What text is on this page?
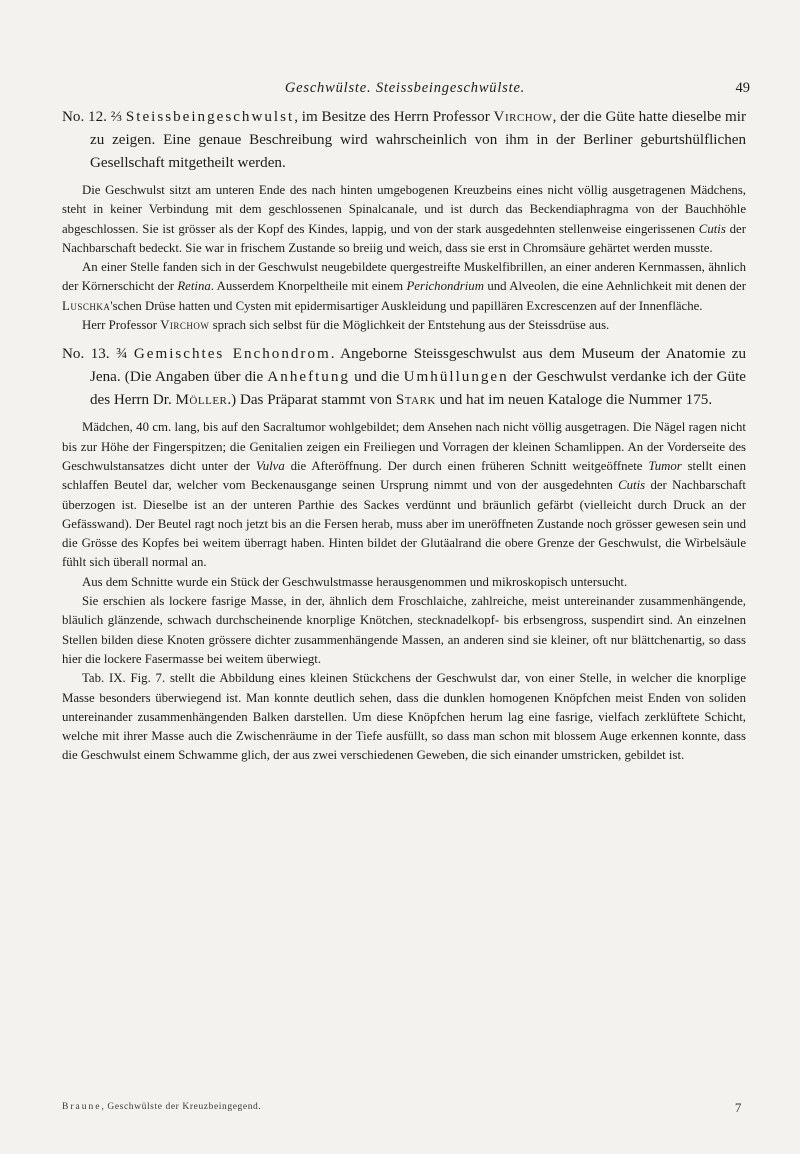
Geschwülste. Steissbeingeschwülste.	49

No. 12. ⅔ Steissbeingeschwulst, im Besitze des Herrn Professor Virchow, der die Güte hatte dieselbe mir zu zeigen. Eine genaue Beschreibung wird wahrscheinlich von ihm in der Berliner geburtshülflichen Gesellschaft mitgetheilt werden.

Die Geschwulst sitzt am unteren Ende des nach hinten umgebogenen Kreuzbeins eines nicht völlig ausgetragenen Mädchens, steht in keiner Verbindung mit dem geschlossenen Spinalcanale, und ist durch das Beckendiaphragma von der Bauchhöhle abgeschlossen. Sie ist grösser als der Kopf des Kindes, lappig, und von der stark ausgedehnten stellenweise eingerissenen Cutis der Nachbarschaft bedeckt. Sie war in frischem Zustande so breiig und weich, dass sie erst in Chromsäure gehärtet werden musste.

An einer Stelle fanden sich in der Geschwulst neugebildete quergestreifte Muskelfibrillen, an einer anderen Kernmassen, ähnlich der Körnerschicht der Retina. Ausserdem Knorpeltheile mit einem Perichondrium und Alveolen, die eine Aehnlichkeit mit denen der Luschka'schen Drüse hatten und Cysten mit epidermisartiger Auskleidung und papillären Excrescenzen auf der Innenfläche.

Herr Professor Virchow sprach sich selbst für die Möglichkeit der Entstehung aus der Steissdrüse aus.

No. 13. ¾ Gemischtes Enchondrom. Angeborne Steissgeschwulst aus dem Museum der Anatomie zu Jena. (Die Angaben über die Anheftung und die Umhüllungen der Geschwulst verdanke ich der Güte des Herrn Dr. Möller.) Das Präparat stammt von Stark und hat im neuen Kataloge die Nummer 175.

Mädchen, 40 cm. lang, bis auf den Sacraltumor wohlgebildet; dem Ansehen nach nicht völlig ausgetragen. Die Nägel ragen nicht bis zur Höhe der Fingerspitzen; die Genitalien zeigen ein Freiliegen und Vorragen der kleinen Schamlippen. An der Vorderseite des Geschwulstansatzes dicht unter der Vulva die Afteröffnung. Der durch einen früheren Schnitt weitgeöffnete Tumor stellt einen schlaffen Beutel dar, welcher vom Beckenausgange seinen Ursprung nimmt und von der ausgedehnten Cutis der Nachbarschaft überzogen ist. Dieselbe ist an der unteren Parthie des Sackes verdünnt und bräunlich gefärbt (vielleicht durch Druck an der Gefässwand). Der Beutel ragt noch jetzt bis an die Fersen herab, muss aber im uneröffneten Zustande noch grösser gewesen sein und die Grösse des Kopfes bei weitem überragt haben. Hinten bildet der Glutäalrand die obere Grenze der Geschwulst, die Wirbelsäule fühlt sich überall normal an.

Aus dem Schnitte wurde ein Stück der Geschwulstmasse herausgenommen und mikroskopisch untersucht.

Sie erschien als lockere fasrige Masse, in der, ähnlich dem Froschlaiche, zahlreiche, meist untereinander zusammenhängende, bläulich glänzende, schwach durchscheinende knorplige Knötchen, stecknadelkopf- bis erbsengross, suspendirt sind. An einzelnen Stellen bilden diese Knoten grössere dichter zusammenhängende Massen, an anderen sind sie kleiner, oft nur blättchenartig, so dass hier die lockere Fasermasse bei weitem überwiegt.

Tab. IX. Fig. 7. stellt die Abbildung eines kleinen Stückchens der Geschwulst dar, von einer Stelle, in welcher die knorplige Masse besonders überwiegend ist. Man konnte deutlich sehen, dass die dunklen homogenen Knöpfchen meist Enden von soliden untereinander zusammenhängenden Balken darstellen. Um diese Knöpfchen herum lag eine fasrige, vielfach zerklüftete Schicht, welche mit ihrer Masse auch die Zwischenräume in der Tiefe ausfüllt, so dass man schon mit blossem Auge erkennen konnte, dass die Geschwulst einem Schwamme glich, der aus zwei verschiedenen Geweben, die sich einander umstricken, gebildet ist.

Braune, Geschwülste der Kreuzbeingegend.	7
